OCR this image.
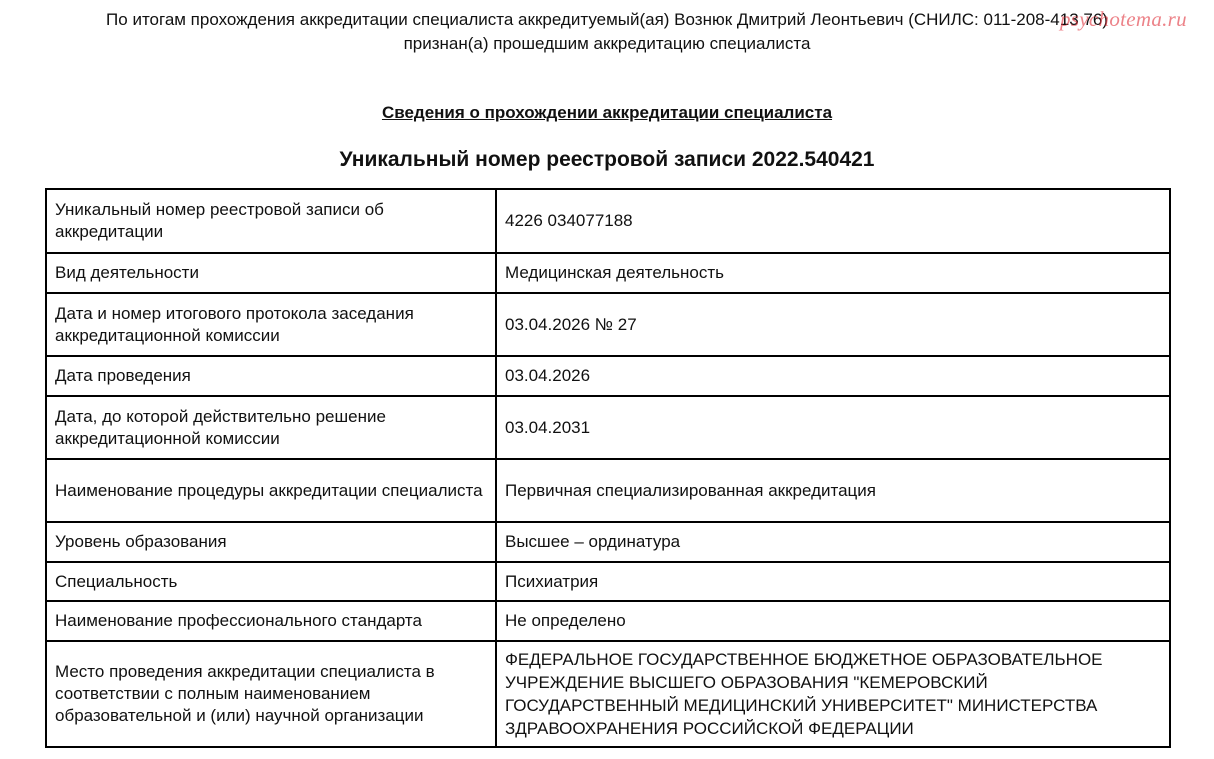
По итогам прохождения аккредитации специалиста аккредитуемый(ая) Вознюк Дмитрий Леонтьевич (СНИЛС: 011-208-413 76)
признан(а) прошедшим аккредитацию специалиста
psychotema.ru
Сведения о прохождении аккредитации специалиста
Уникальный номер реестровой записи 2022.540421
Уникальный номер реестровой записи об аккредитации	4226 034077188
Вид деятельности	Медицинская деятельность
Дата и номер итогового протокола заседания аккредитационной комиссии	03.04.2026 № 27
Дата проведения	03.04.2026
Дата, до которой действительно решение аккредитационной комиссии	03.04.2031
Наименование процедуры аккредитации специалиста	Первичная специализированная аккредитация
Уровень образования	Высшее – ординатура
Специальность	Психиатрия
Наименование профессионального стандарта	Не определено
Место проведения аккредитации специалиста в соответствии с полным наименованием образовательной и (или) научной организации	ФЕДЕРАЛЬНОЕ ГОСУДАРСТВЕННОЕ БЮДЖЕТНОЕ ОБРАЗОВАТЕЛЬНОЕ УЧРЕЖДЕНИЕ ВЫСШЕГО ОБРАЗОВАНИЯ "КЕМЕРОВСКИЙ ГОСУДАРСТВЕННЫЙ МЕДИЦИНСКИЙ УНИВЕРСИТЕТ" МИНИСТЕРСТВА ЗДРАВООХРАНЕНИЯ РОССИЙСКОЙ ФЕДЕРАЦИИ
